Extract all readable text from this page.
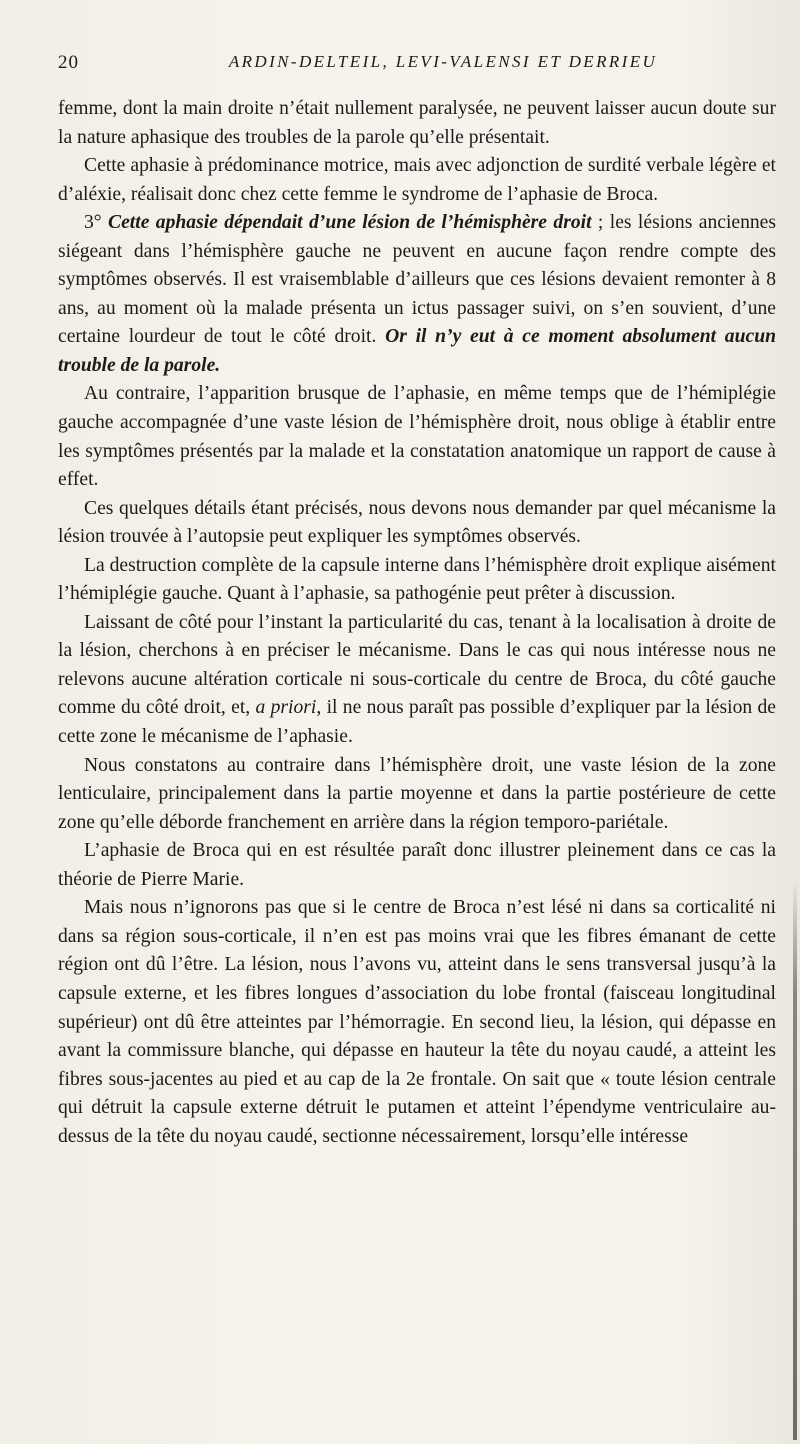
20	ARDIN-DELTEIL, LEVI-VALENSI ET DERRIEU

femme, dont la main droite n’était nullement paralysée, ne peuvent laisser aucun doute sur la nature aphasique des troubles de la parole qu’elle présentait.

Cette aphasie à prédominance motrice, mais avec adjonction de surdité verbale légère et d’aléxie, réalisait donc chez cette femme le syndrome de l’aphasie de Broca.

3° Cette aphasie dépendait d’une lésion de l’hémisphère droit ; les lésions anciennes siégeant dans l’hémisphère gauche ne peuvent en aucune façon rendre compte des symptômes observés. Il est vraisemblable d’ailleurs que ces lésions devaient remonter à 8 ans, au moment où la malade présenta un ictus passager suivi, on s’en souvient, d’une certaine lourdeur de tout le côté droit. Or il n’y eut à ce moment absolument aucun trouble de la parole.

Au contraire, l’apparition brusque de l’aphasie, en même temps que de l’hémiplégie gauche accompagnée d’une vaste lésion de l’hémisphère droit, nous oblige à établir entre les symptômes présentés par la malade et la constatation anatomique un rapport de cause à effet.

Ces quelques détails étant précisés, nous devons nous demander par quel mécanisme la lésion trouvée à l’autopsie peut expliquer les symptômes observés.

La destruction complète de la capsule interne dans l’hémisphère droit explique aisément l’hémiplégie gauche. Quant à l’aphasie, sa pathogénie peut prêter à discussion.

Laissant de côté pour l’instant la particularité du cas, tenant à la localisation à droite de la lésion, cherchons à en préciser le mécanisme. Dans le cas qui nous intéresse nous ne relevons aucune altération corticale ni sous-corticale du centre de Broca, du côté gauche comme du côté droit, et, a priori, il ne nous paraît pas possible d’expliquer par la lésion de cette zone le mécanisme de l’aphasie.

Nous constatons au contraire dans l’hémisphère droit, une vaste lésion de la zone lenticulaire, principalement dans la partie moyenne et dans la partie postérieure de cette zone qu’elle déborde franchement en arrière dans la région temporo-pariétale.

L’aphasie de Broca qui en est résultée paraît donc illustrer pleinement dans ce cas la théorie de Pierre Marie.

Mais nous n’ignorons pas que si le centre de Broca n’est lésé ni dans sa corticalité ni dans sa région sous-corticale, il n’en est pas moins vrai que les fibres émanant de cette région ont dû l’être. La lésion, nous l’avons vu, atteint dans le sens transversal jusqu’à la capsule externe, et les fibres longues d’association du lobe frontal (faisceau longitudinal supérieur) ont dû être atteintes par l’hémorragie. En second lieu, la lésion, qui dépasse en avant la commissure blanche, qui dépasse en hauteur la tête du noyau caudé, a atteint les fibres sous-jacentes au pied et au cap de la 2e frontale. On sait que « toute lésion centrale qui détruit la capsule externe détruit le putamen et atteint l’épendyme ventriculaire au-dessus de la tête du noyau caudé, sectionne nécessairement, lorsqu’elle intéresse
